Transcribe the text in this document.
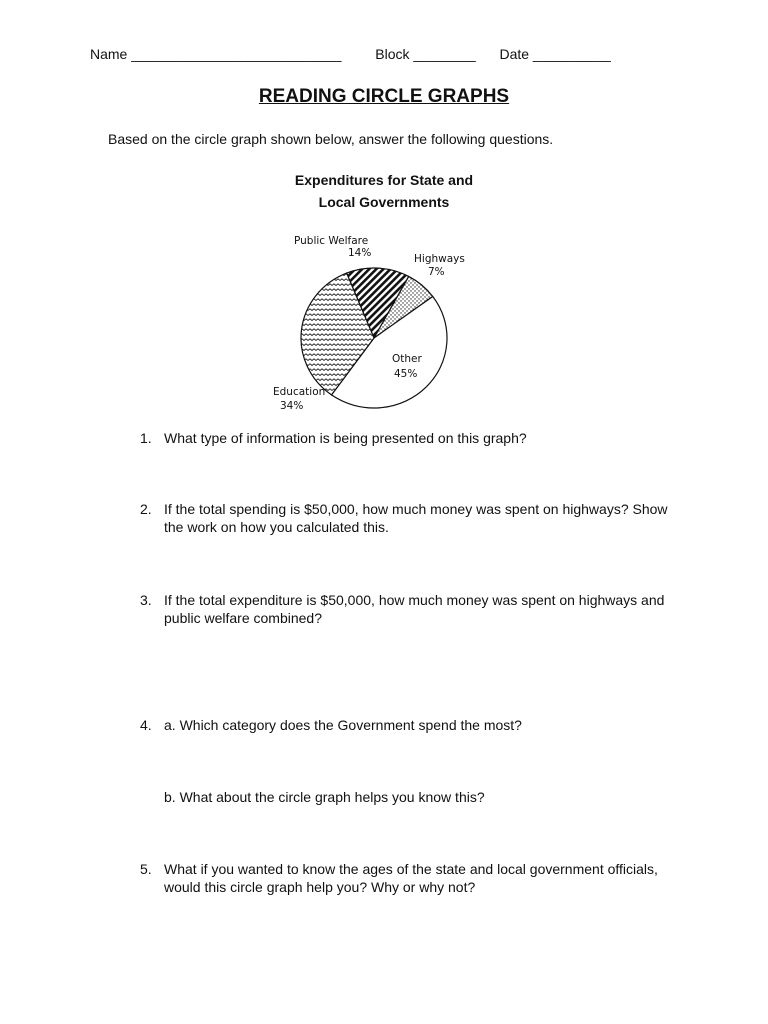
Name ___________________________ Block ________ Date __________
READING CIRCLE GRAPHS
Based on the circle graph shown below, answer the following questions.
Expenditures for State and
Local Governments
Public Welfare
14%	Highways
7%
Other
45%
Education
34%
1. What type of information is being presented on this graph?
2. If the total spending is $50,000, how much money was spent on highways? Show the work on how you calculated this.
3. If the total expenditure is $50,000, how much money was spent on highways and public welfare combined?
4. a. Which category does the Government spend the most?
b. What about the circle graph helps you know this?
5. What if you wanted to know the ages of the state and local government officials, would this circle graph help you? Why or why not?
